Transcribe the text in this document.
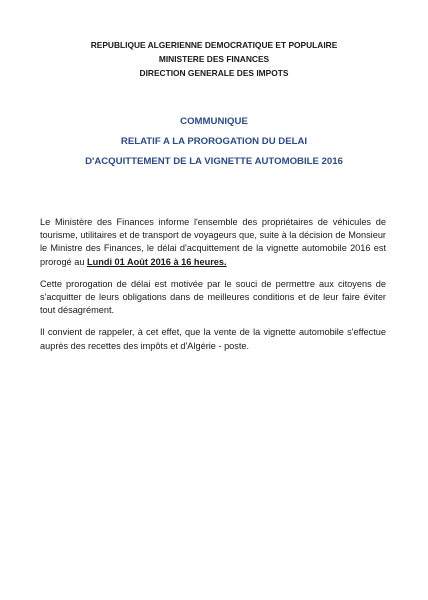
REPUBLIQUE ALGERIENNE DEMOCRATIQUE ET POPULAIRE
MINISTERE DES FINANCES
DIRECTION GENERALE DES IMPOTS
COMMUNIQUE
RELATIF A LA PROROGATION DU DELAI
D'ACQUITTEMENT DE LA VIGNETTE AUTOMOBILE 2016

Le Ministère des Finances informe l'ensemble des propriétaires de véhicules de tourisme, utilitaires et de transport de voyageurs que, suite à la décision de Monsieur le Ministre des Finances, le délai d'acquittement de la vignette automobile 2016 est prorogé au Lundi 01 Août 2016 à 16 heures.

Cette prorogation de délai est motivée par le souci de permettre aux citoyens de s'acquitter de leurs obligations dans de meilleures conditions et de leur faire éviter tout désagrément.

Il convient de rappeler, à cet effet, que la vente de la vignette automobile s'effectue auprès des recettes des impôts et d'Algérie - poste.
